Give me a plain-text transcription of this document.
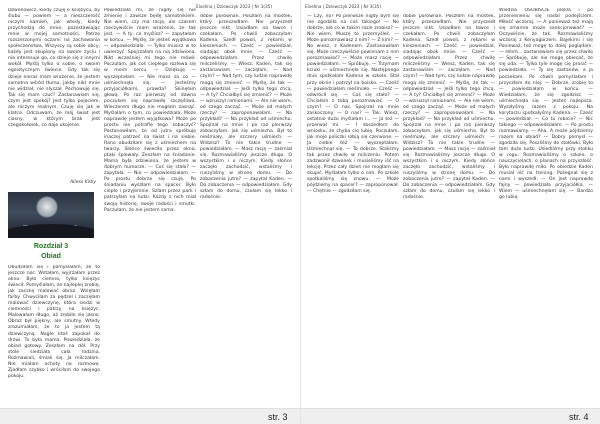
Elvellna | Dziewczyk 2023 | Nr 3(35)

Dzwonowicz, kiedy czuję o księżycu, by ślubu — powiem — a nieszczerość niczym kamień, jak wtedy, kiedy przychodzą do mnie, pozostawiając mnie w mojej samotności. Patrzę rozszerzonymi oczami na zachowania społeczeństwa, Wszyscy są sobie obcy, każdy jest skupiony na swoim życiu i nie interesuje go, co dzieje się z innymi wokół. Myślą tylko o sobie, o swoim egoistycznym świecie. Gdy tak się dzieje nieraz mam wrażenie, że jestem samotna wśród tłumu, jakby nikt mnie nie widział, nie słyszał. Pochowuję się. Tak się mam czuć? Zastanawiam się, czym jest spokój? Jest tylko pojęciem, ale niczym realnym. Czuję się jak w klatce. Odczuwam, że mój świat jest ciasny, w którym brak jest czegokolwiek, co daje ukojenie.

Aliess Kilby
Rozdział 3
Obiad

Obudziłam się i pomyślałam, że to jeszcze noc. Wstałam, wyjrzałam przez okno. Było ciemno, tylko księżyc świecił. Pomyślałam, że najlepiej zrobię, jak zacznę malować obraz. Wzięłam farby. Chwyciłam za pędzel i zaczęłam malować dziewczynę, która siedzi w ciemności i patrzy na księżyc. Malowałam długo, aż zrobiło się jasno. Obraz był piękny, ale smutny. Wtedy zrozumiałam, że to ja jestem tą dziewczyną. Nagle ktoś zapukał do drzwi. To była mama. Powiedziała, że obiad gotowy. Zeszłam na dół. Przy stole siedziała cała rodzina. Rozmawiali, śmiali się. Ja milczałam. Nie miałam ochoty na rozmowę. Zjadłam szybko i wróciłam do swojego pokoju.

Powiedziała mi, że nigdy się nie zmienię i zawsze będę samotnikiem. Nie wiem, czy ma rację, ale czasem rzeczywiście mam wrażenie, że tak jest. — A ty, co myślisz? — zapytałam w końcu. — Myślę, że jesteś wyjątkowa — odpowiedziała. — Tylko musisz w to uwierzyć. Spojrzałam na nią zdziwiona. Nikt wcześniej mi tego nie mówił. Poczułam, jak coś ciepłego rozlewa się w moim sercu. — Dziękuję — wyszeptałam. — Nie masz za co — uśmiechnęła się. — Jesteśmy przyjaciółkami, prawda? Skinęłam głową. Po raz pierwszy od dawna poczułam się naprawdę szczęśliwa. Wieczorem długo nie mogłam zasnąć. Myślałam o tym, co powiedziała. Może naprawdę jestem wyjątkowa? Może po prostu nie potrafię tego zobaczyć? Postanowiłam, że od jutra spróbuję inaczej patrzeć na świat i na siebie. Rano obudziłam się z uśmiechem na twarzy. Słońce świeciło przez okno, ptaki śpiewały. Zeszłam na śniadanie. Mama była zdziwiona, że jestem w dobrym humorze. — Coś się stało? — zapytała. — Nie — odpowiedziałam. — Po prostu dobrze się czuję. Po śniadaniu wyszłam na spacer. Było ciepło i przyjemnie. Szłam przez park i patrzyłam na ludzi. Każdy z nich miał swoją historię, swoje radości i smutki. Poczułam, że nie jestem sama.

dobie porównań. Poszłam na mostek, który przeszedłam. Nie przyszedł jeszcze nikt. Usiadłam na ławce i czekałam. Po chwili zobaczyłam Kadena. Szedł powoli, z rękami w kieszeniach. — Cześć — powiedział, siadając obok mnie. — Cześć — odpowiedziałam. Przez chwilę milczeliśmy. — Wiesz, Kaden, tak się zastanawiam — zaczęłam. — Nad czym? — Nad tym, czy ludzie naprawdę mogą się zmienić. — Myślę, że tak — odpowiedział. — Jeśli tylko tego chcą. — A ty? Chciałbyś się zmienić? — Może — wzruszył ramionami. — Ale nie wiem, od czego zacząć. — Może od małych rzeczy? — zaproponowałam. — Na przykład? — Na przykład od uśmiechu. Spojrzał na mnie i po raz pierwszy zobaczyłam, jak się uśmiecha. Był to nieśmiały, ale szczery uśmiech. — Widzisz? To nie takie trudne — powiedziałam. — Masz rację — zaśmiał się. Rozmawialiśmy jeszcze długo. O wszystkim i o niczym. Kiedy słońce zaczęło zachodzić, wstaliśmy i ruszyliśmy w stronę domu. — Do zobaczenia jutro? — zapytał Kaden. — Do zobaczenia — odpowiedziałam. Gdy szłam do domu, czułam się lekko i radośnie.

str. 3
Elvellna | Dziewczyk 2023 | Nr 3(35)

— Czy, no? Po pierwsze nigdy bym się nie zgodziła na coś takiego! — No dobrze, ale co w takim razie zrobisz? — Nie wiem. Muszę to przemyśleć. — Może porozmawiasz z nim? — Z kim? — No wiesz, z Kadenem. Zastanowiłam się. Może rzeczywiście powinnam z nim porozmawiać? — Może masz rację — powiedziałam. — Spróbuję. — Trzymam kciuki — uśmiechnęła się. Następnego dnia spotkałam Kadena w szkole. Stał przy oknie i patrzył na boisko. — Cześć — powiedziałam nieśmiało. — Cześć — odwrócił się. — Coś się stało? — Chciałam z tobą porozmawiać. — O czym? — O nas. Spojrzał na mnie zaskoczony. — O nas? — Tak. Wiesz, ostatnio dużo myślałam i... — Ja też — przerwał mi. — I doszedłem do wniosku, że chyba cię lubię. Poczułam, jak moje policzki robią się czerwone. — Ja ciebie też — wyszeptałam. Uśmiechnął się. — To dobrze. Staliśmy tak przez chwilę w milczeniu. Potem zadzwonił dzwonek i musieliśmy iść na lekcję. Przez cały dzień nie mogłam się skupić. Myślałam tylko o nim. Po szkole spotkaliśmy się znowu. — Może pójdziemy na spacer? — zaproponował. — Chętnie — zgodziłam się.

dobie porównań. Poszłam na mostek, który przeszedłam. Nie przyszedł jeszcze nikt. Usiadłam na ławce i czekałam. Po chwili zobaczyłam Kadena. Szedł powoli, z rękami w kieszeniach. — Cześć — powiedział, siadając obok mnie. — Cześć — odpowiedziałam. Przez chwilę milczeliśmy. — Wiesz, Kaden, tak się zastanawiam — zaczęłam. — Nad czym? — Nad tym, czy ludzie naprawdę mogą się zmienić. — Myślę, że tak — odpowiedział. — Jeśli tylko tego chcą. — A ty? Chciałbyś się zmienić? — Może — wzruszył ramionami. — Ale nie wiem, od czego zacząć. — Może od małych rzeczy? — zaproponowałam. — Na przykład? — Na przykład od uśmiechu. Spojrzał na mnie i po raz pierwszy zobaczyłam, jak się uśmiecha. Był to nieśmiały, ale szczery uśmiech. — Widzisz? To nie takie trudne — powiedziałam. — Masz rację — zaśmiał się. Rozmawialiśmy jeszcze długo. O wszystkim i o niczym. Kiedy słońce zaczęło zachodzić, wstaliśmy i ruszyliśmy w stronę domu. — Do zobaczenia jutro? — zapytał Kaden. — Do zobaczenia — odpowiedziałam. Gdy szłam do domu, czułam się lekko i radośnie.

Wiedzia OSOBISCIE plękla i po przeniesieniu się nadal podejściem. Miłość wczoraj. — A ponieważ też mają się zmarnie może sankcjonować? — Oczywiście, że tak. Rozmawialiśmy wczoraj z Kenyagorzem. Bąjekimi i się Ponieważ, też mogę to dalej poglądam. — Hmm... zastanawiam się przez chwilę — Spróbuję, ale nie mogę obiecać, że się uda. — Tylko tyle mogę cię prosić — powiedziała. — Ty się zastanów, a ja poczekam. Po chwili pomyślałam i przyszłam do niej. — Dobrze, zrobię to — powiedziałam w końcu. — Wiedziałam, że się zgodzisz — uśmiechnęła się. — Jesteś najlepsza. Wyszłyśmy razem z pokoju. Na korytarzu spotkałyśmy Kadena. — Cześć — powiedział. — Co tu robicie? — Nic takiego — odpowiedziałam. — Po prostu rozmawiamy. — Aha. A może pójdziemy razem na obiad? — Dobry pomysł — zgodziła się. Poszliśmy do stołówki. Było tam dużo ludzi. Usiedliśmy przy stoliku w rogu. Rozmawialiśmy o szkole, o nauczycielach, o planach na przyszłość. Było naprawdę miło. Po obiedzie Kaden musiał iść na trening. Pożegnał się z nami i wyszedł. — On jest naprawdę fajny — powiedziała przyjaciółka. — Wiem — uśmiechnęłam się. — Bardzo go lubię.

str. 4
